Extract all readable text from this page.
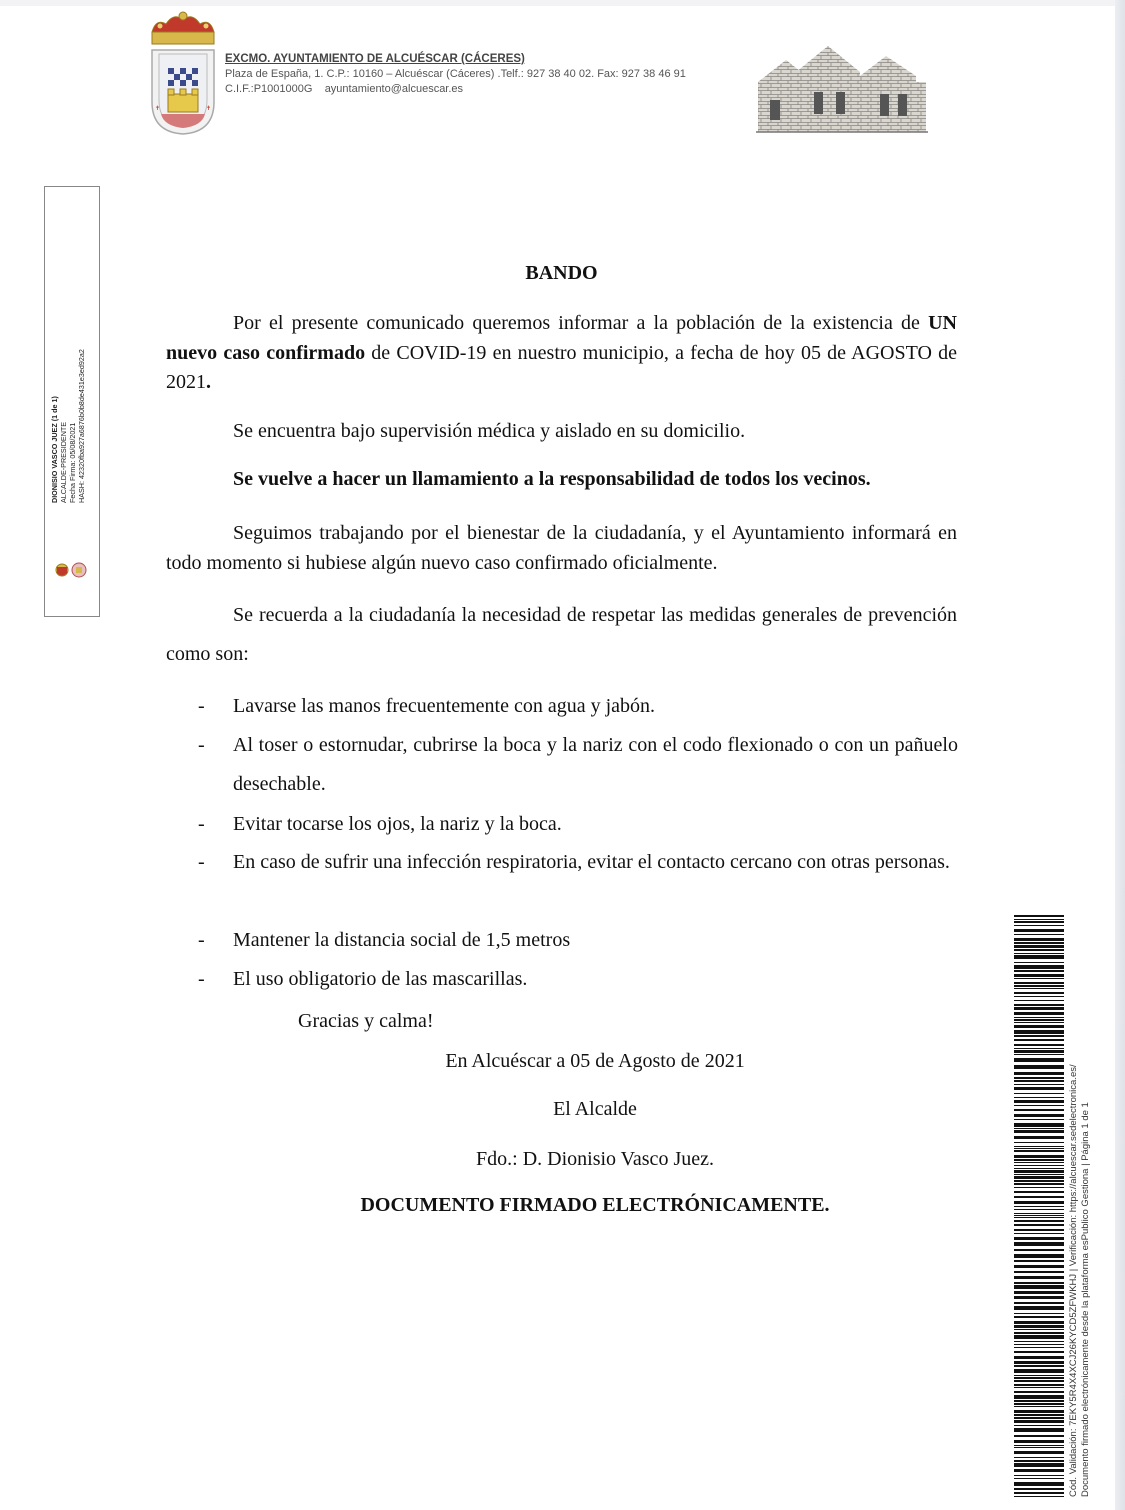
✝	✝
EXCMO. AYUNTAMIENTO DE ALCUÉSCAR (CÁCERES)
Plaza de España, 1. C.P.: 10160 – Alcuéscar (Cáceres) .Telf.: 927 38 40 02. Fax: 927 38 46 91
C.I.F.:P1001000G ayuntamiento@alcuescar.es
DIONISIO VASCO JUEZ (1 de 1) ALCALDE-PRESIDENTE Fecha Firma: 05/08/2021 HASH: 42320fba927a6876b0b8de431e3ed92a2
BANDO
Por el presente comunicado queremos informar a la población de la existencia de UN nuevo caso confirmado de COVID-19 en nuestro municipio, a fecha de hoy 05 de AGOSTO de 2021.
Se encuentra bajo supervisión médica y aislado en su domicilio.
Se vuelve a hacer un llamamiento a la responsabilidad de todos los vecinos.
Seguimos trabajando por el bienestar de la ciudadanía, y el Ayuntamiento informará en todo momento si hubiese algún nuevo caso confirmado oficialmente.
Se recuerda a la ciudadanía la necesidad de respetar las medidas generales de prevención como son:
- Lavarse las manos frecuentemente con agua y jabón.
- Al toser o estornudar, cubrirse la boca y la nariz con el codo flexionado o con un pañuelo desechable.
- Evitar tocarse los ojos, la nariz y la boca.
- En caso de sufrir una infección respiratoria, evitar el contacto cercano con otras personas.
- Mantener la distancia social de 1,5 metros
- El uso obligatorio de las mascarillas.
Gracias y calma!
En Alcuéscar a 05 de Agosto de 2021
El Alcalde
Fdo.: D. Dionisio Vasco Juez.
DOCUMENTO FIRMADO ELECTRÓNICAMENTE.	Cód. Validación: 7EKY5R4X4XCJ26KYCD5ZFWKHJ | Verificación: https://alcuescar.sedelectronica.es/ Documento firmado electrónicamente desde la plataforma esPublico Gestiona | Página 1 de 1
